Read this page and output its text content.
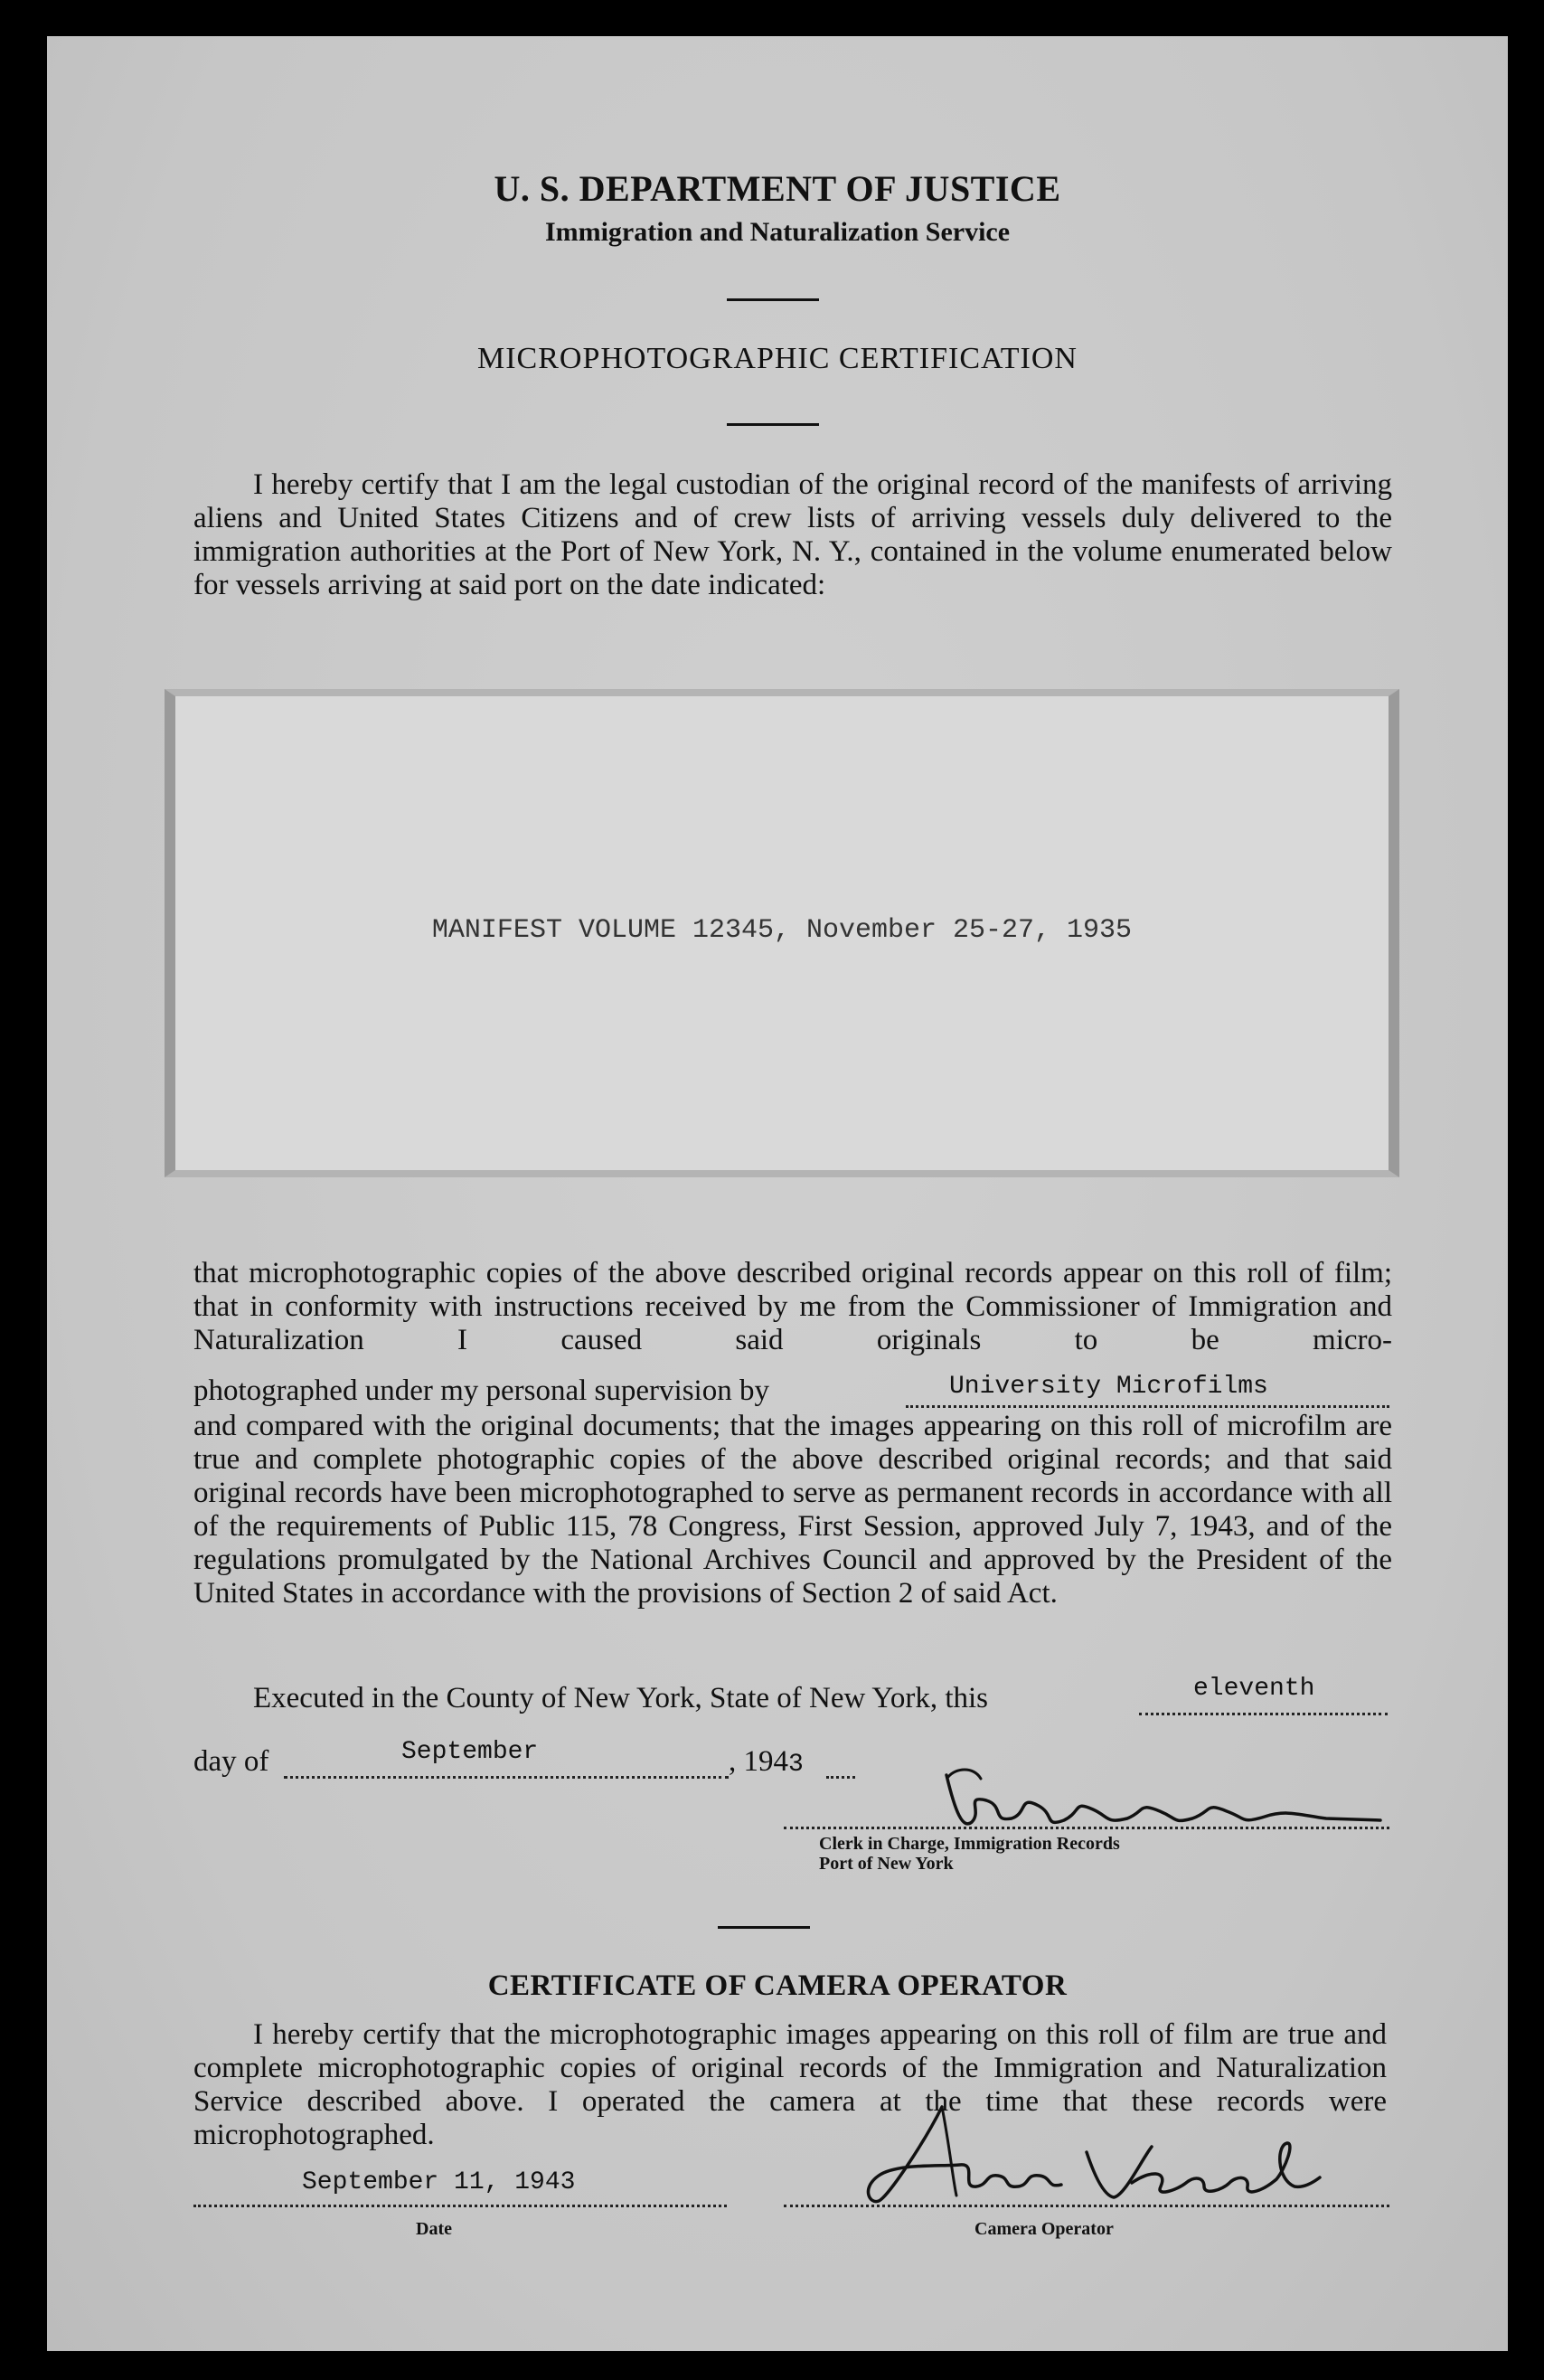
U. S. DEPARTMENT OF JUSTICE
Immigration and Naturalization Service
MICROPHOTOGRAPHIC CERTIFICATION
I hereby certify that I am the legal custodian of the original record of the manifests of arriving aliens and United States Citizens and of crew lists of arriving vessels duly delivered to the immigration authorities at the Port of New York, N. Y., contained in the volume enumerated below for vessels arriving at said port on the date indicated:
MANIFEST VOLUME 12345, November 25-27, 1935
that microphotographic copies of the above described original records appear on this roll of film; that in conformity with instructions received by me from the Commissioner of Immigration and Naturalization I caused said originals to be micro-
photographed under my personal supervision by	University Microfilms
and compared with the original documents; that the images appearing on this roll of microfilm are true and complete photographic copies of the above described original records; and that said original records have been microphotographed to serve as permanent records in accordance with all of the requirements of Public 115, 78 Congress, First Session, approved July 7, 1943, and of the regulations promulgated by the National Archives Council and approved by the President of the United States in accordance with the provisions of Section 2 of said Act.
Executed in the County of New York, State of New York, this	eleventh
day of	September	, 1943
Clerk in Charge, Immigration Records
Port of New York
CERTIFICATE OF CAMERA OPERATOR
I hereby certify that the microphotographic images appearing on this roll of film are true and complete microphotographic copies of original records of the Immigration and Naturalization Service described above. I operated the camera at the time that these records were microphotographed.
September 11, 1943
Date	Camera Operator
